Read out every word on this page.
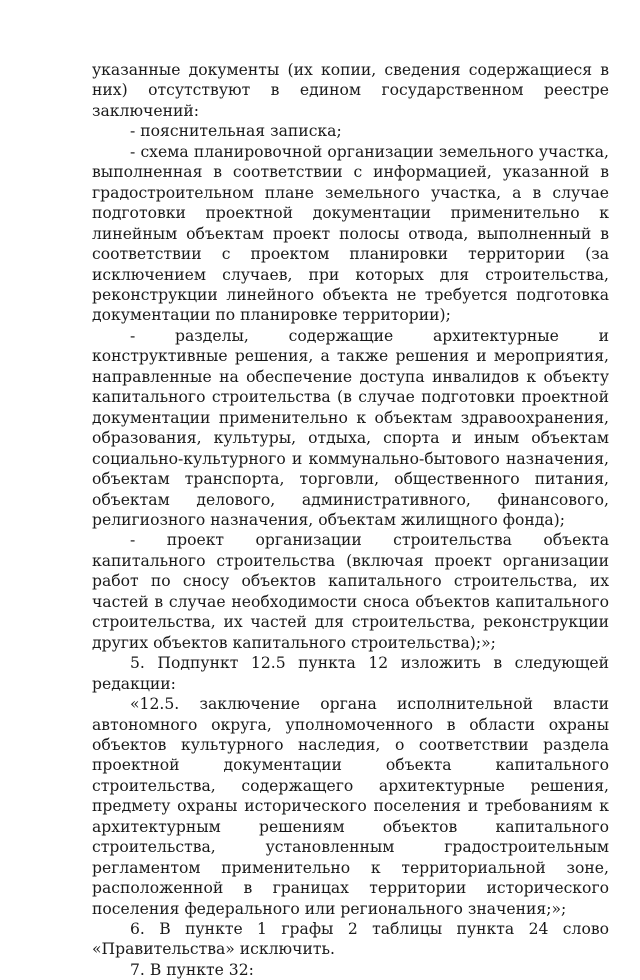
указанные документы (их копии, сведения содержащиеся в них) отсутствуют в едином государственном реестре заключений:

- пояснительная записка;

- схема планировочной организации земельного участка, выполненная в соответствии с информацией, указанной в градостроительном плане земельного участка, а в случае подготовки проектной документации применительно к линейным объектам проект полосы отвода, выполненный в соответствии с проектом планировки территории (за исключением случаев, при которых для строительства, реконструкции линейного объекта не требуется подготовка документации по планировке территории);

- разделы, содержащие архитектурные и конструктивные решения, а также решения и мероприятия, направленные на обеспечение доступа инвалидов к объекту капитального строительства (в случае подготовки проектной документации применительно к объектам здравоохранения, образования, культуры, отдыха, спорта и иным объектам социально-культурного и коммунально-бытового назначения, объектам транспорта, торговли, общественного питания, объектам делового, административного, финансового, религиозного назначения, объектам жилищного фонда);

- проект организации строительства объекта капитального строительства (включая проект организации работ по сносу объектов капитального строительства, их частей в случае необходимости сноса объектов капитального строительства, их частей для строительства, реконструкции других объектов капитального строительства);»;

5. Подпункт 12.5 пункта 12 изложить в следующей редакции:

«12.5. заключение органа исполнительной власти автономного округа, уполномоченного в области охраны объектов культурного наследия, о соответствии раздела проектной документации объекта капитального строительства, содержащего архитектурные решения, предмету охраны исторического поселения и требованиям к архитектурным решениям объектов капитального строительства, установленным градостроительным регламентом применительно к территориальной зоне, расположенной в границах территории исторического поселения федерального или регионального значения;»;

6. В пункте 1 графы 2 таблицы пункта 24 слово «Правительства» исключить.

7. В пункте 32:
